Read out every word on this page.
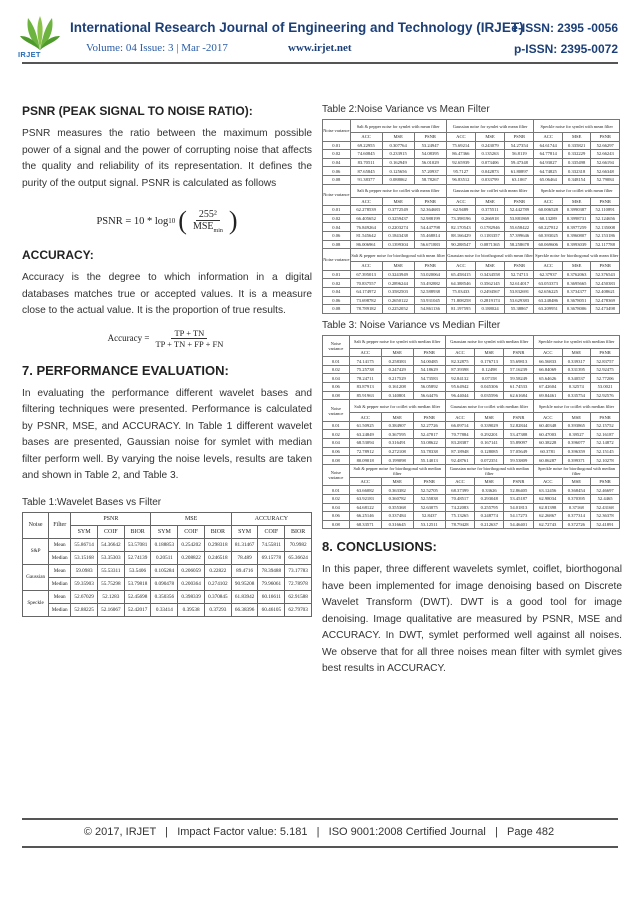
IRJET
International Research Journal of Engineering and Technology (IRJET)
e-ISSN: 2395 -0056
Volume: 04 Issue: 3 | Mar -2017	www.irjet.net	p-ISSN: 2395-0072
PSNR (PEAK SIGNAL TO NOISE RATIO):

PSNR measures the ratio between the maximum possible power of a signal and the power of corrupting noise that affects the quality and reliability of its representation. It defines the purity of the output signal. PSNR is calculated as follows

PSNR = 10 * log 10 ( $\frac{\text{255²}}{MSE_{min}}$ )
ACCURACY:

Accuracy is the degree to which information in a digital databases matches true or accepted values. It is a measure close to the actual value. It is the proportion of true results.

Accuracy = $\frac{TP + TN}{TP + TN + FP + FN}$
7. PERFORMANCE EVALUATION:

In evaluating the performance different wavelet bases and filtering techniques were presented. Performance is calculated by PSNR, MSE, and ACCURACY. In Table 1 different wavelet bases are presented, Gaussian noise for symlet with median filter perform well. By varying the noise levels, results are taken and shown in Table 2, and Table 3.

Table 1:Wavelet Bases vs Filter
Noise	Filter	PSNR			MSE			ACCURACY		
		SYM	COIF	BIOR	SYM	COIF	BIOR	SYM	COIF	BIOR
S&P	Mean	55.86714	54.36642	53.57081	0.188853	0.254202	0.298318	81.31467	74.55811	70.9982
	Median	53.15168	53.35303	52.74139	0.20511	0.208822	0.246518	78.489	69.15778	65.36624
Gaussian	Mean	59.0983	55.53311	53.5406	0.105284	0.206059	0.22822	89.4716	78.39488	73.17783
	Median	59.35903	55.75298	53.79818	0.090478	0.200364	0.274102	90.95208	79.96061	72.78978
Speckle	Mean	52.67029	52.1283	52.45698	0.350356	0.398339	0.370845	61.83942	60.16611	62.91588
	Median	52.88225	52.16067	52.42017	0.33414	0.39538	0.37293	66.38396	60.46105	62.79703
Table 2:Noise Variance vs Mean Filter
Noise variance	Salt & pepper noise for symlet with mean filter			Gaussian noise for symlet with mean filter			Speckle noise for symlet with mean filter		
	ACC	MSE	PSNR	ACC	MSE	PSNR	ACC	MSE	PSNR
0.01	69.22955	0.307764	53.24947	75.69214	0.243079	54.27354	64.61744	0.335821	52.66297
0.02	74.60845	0.233915	54.08395	86.47366	0.135263	56.8119	64.77814	0.332229	52.66243
0.04	83.70511	0.162949	56.01029	92.65939	0.073406	59.47348	64.93027	0.335498	52.66194
0.06	87.65845	0.125656	57.20937	95.7127	0.042873	61.80897	64.74825	0.332318	52.66348
0.08	91.38377	0.088062	58.78267	96.83512	0.033799	63.1067	65.06464	0.348154	52.79084
Noise variance	Salt & pepper noise for coiflet with mean filter			Gaussian noise for coiflet with mean filter			Speckle noise for coiflet with mean filter		
	ACC	MSE	PSNR	ACC	MSE	PSNR	ACC	MSE	PSNR
0.01	62.278539	0.3772549	52.364683	62.9489	0.375511	52.442789	60.006528	0.3990387	52.110891
0.02	66.405652	0.3259437	52.988199	73.398196	0.266918	53.881869	60.13289	0.3998731	52.124656
0.04	76.849264	0.2203274	54.447798	82.170543	0.1782946	55.658422	60.227812	0.3977259	52.135008
0.06	81.545642	0.1843438	55.468814	88.166429	0.1183357	57.399646	60.393025	0.3960807	52.153186
0.08	86.006961	0.1399304	56.671883	90.288547	0.0871365	58.258678	60.069606	0.3993039	52.117788
Noise variance	Salt & pepper noise for biorthogonal with mean filter			Gaussian noise for biorthogonal with mean filter			Speckle noise for biorthogonal with mean filter		
	ACC	MSE	PSNR	ACC	MSE	PSNR	ACC	MSE	PSNR
0.01	67.395013	0.3243949	53.020064	65.458415	0.3434558	52.74713	62.37937	0.3762063	52.376543
0.02	70.837557	0.2896244	53.492882	64.388546	0.3562145	52.614017	63.053373	0.3695665	52.450383
0.04	64.174972	0.3582503	52.588938	75.03433	0.2494567	53.832691	62.656225	0.3734377	52.408621
0.06	73.698782	0.2650122	53.931045	71.808258	0.2819174	53.629383	63.248486	0.3678051	52.478369
0.08	78.789182	0.2252052	54.861136	81.197595	0.188024	55.38867	63.209951	0.3678006	52.473498
Table 3: Noise Variance vs Median Filter
Noise variance	Salt & pepper noise for symlet with median filter			Gaussian noise for symlet with median filter			Speckle noise for symlet with median filter		
	ACC	MSE	PSNR	ACC	MSE	PSNR	ACC	MSE	PSNR
0.01	74.14175	0.258383	54.00485	82.32875	0.176713	55.69813	66.56833	0.339317	52.83757
0.02	75.25738	0.247429	54.18629	87.39398	0.12498	57.16239	66.84069	0.331395	52.92475
0.04	78.24711	0.217529	54.73583	92.84132	0.07158	59.58249	65.64626	0.340537	52.77206
0.06	83.87913	0.161208	56.05892	95.64942	0.045306	61.74533	67.42604	0.32574	53.0021
0.08	85.91963	0.140801	56.64476	96.44044	0.035596	62.61684	69.84461	0.335754	52.92576
Noise variance	Salt & pepper noise for coiflet with median filter			Gaussian noise for coiflet with median filter			Speckle noise for coiflet with median filter		
	ACC	MSE	PSNR	ACC	MSE	PSNR	ACC	MSE	PSNR
0.01	61.50925	0.384907	52.27726	66.09714	0.339029	52.82844	60.40348	0.393865	52.15752
0.02	63.24849	0.367595	52.47817	70.77884	0.292201	53.47388	60.47003	0.39527	52.16187
0.04	68.53094	0.316491	53.08622	83.28387	0.167141	55.89097	60.38228	0.396077	52.14872
0.06	72.78912	0.272108	53.78338	87.18948	0.128085	57.05649	60.3781	0.396359	52.15145
0.08	80.09018	0.199098	55.14013	92.48761	0.072351	59.53809	60.06287	0.399371	52.10278
Noise variance	Salt & pepper noise for biorthogonal with median filter			Gaussian noise for biorthogonal with median filter			Speckle noise for biorthogonal with median filter		
	ACC	MSE	PSNR	ACC	MSE	PSNR	ACC	MSE	PSNR
0.01	63.66082	0.363382	52.52705	68.37399	0.33626	52.86405	63.12456	0.368454	52.46697
0.02	63.92183	0.360782	52.55838	70.48517	0.293048	53.45187	62.98034	0.370395	52.4465
0.04	64.68122	0.355368	52.63075	74.22083	0.255795	54.01813	62.81398	0.37168	52.43168
0.06	66.25146	0.337484	52.8437	75.13265	0.248774	54.17273	62.26867	0.377314	52.36378
0.08	68.33571	0.316645	53.12511	78.79428	0.212637	54.46401	62.72743	0.372726	52.41891
8. CONCLUSIONS:

In this paper, three different wavelets symlet, coiflet, biorthogonal have been implemented for image denoising based on Discrete Wavelet Transform (DWT). DWT is a good tool for image denoising. Image qualitative are measured by PSNR, MSE and ACCURACY. In DWT, symlet performed well against all noises. We observe that for all three noises mean filter with symlet gives best results in ACCURACY.

© 2017, IRJET | Impact Factor value: 5.181 | ISO 9001:2008 Certified Journal | Page 482
